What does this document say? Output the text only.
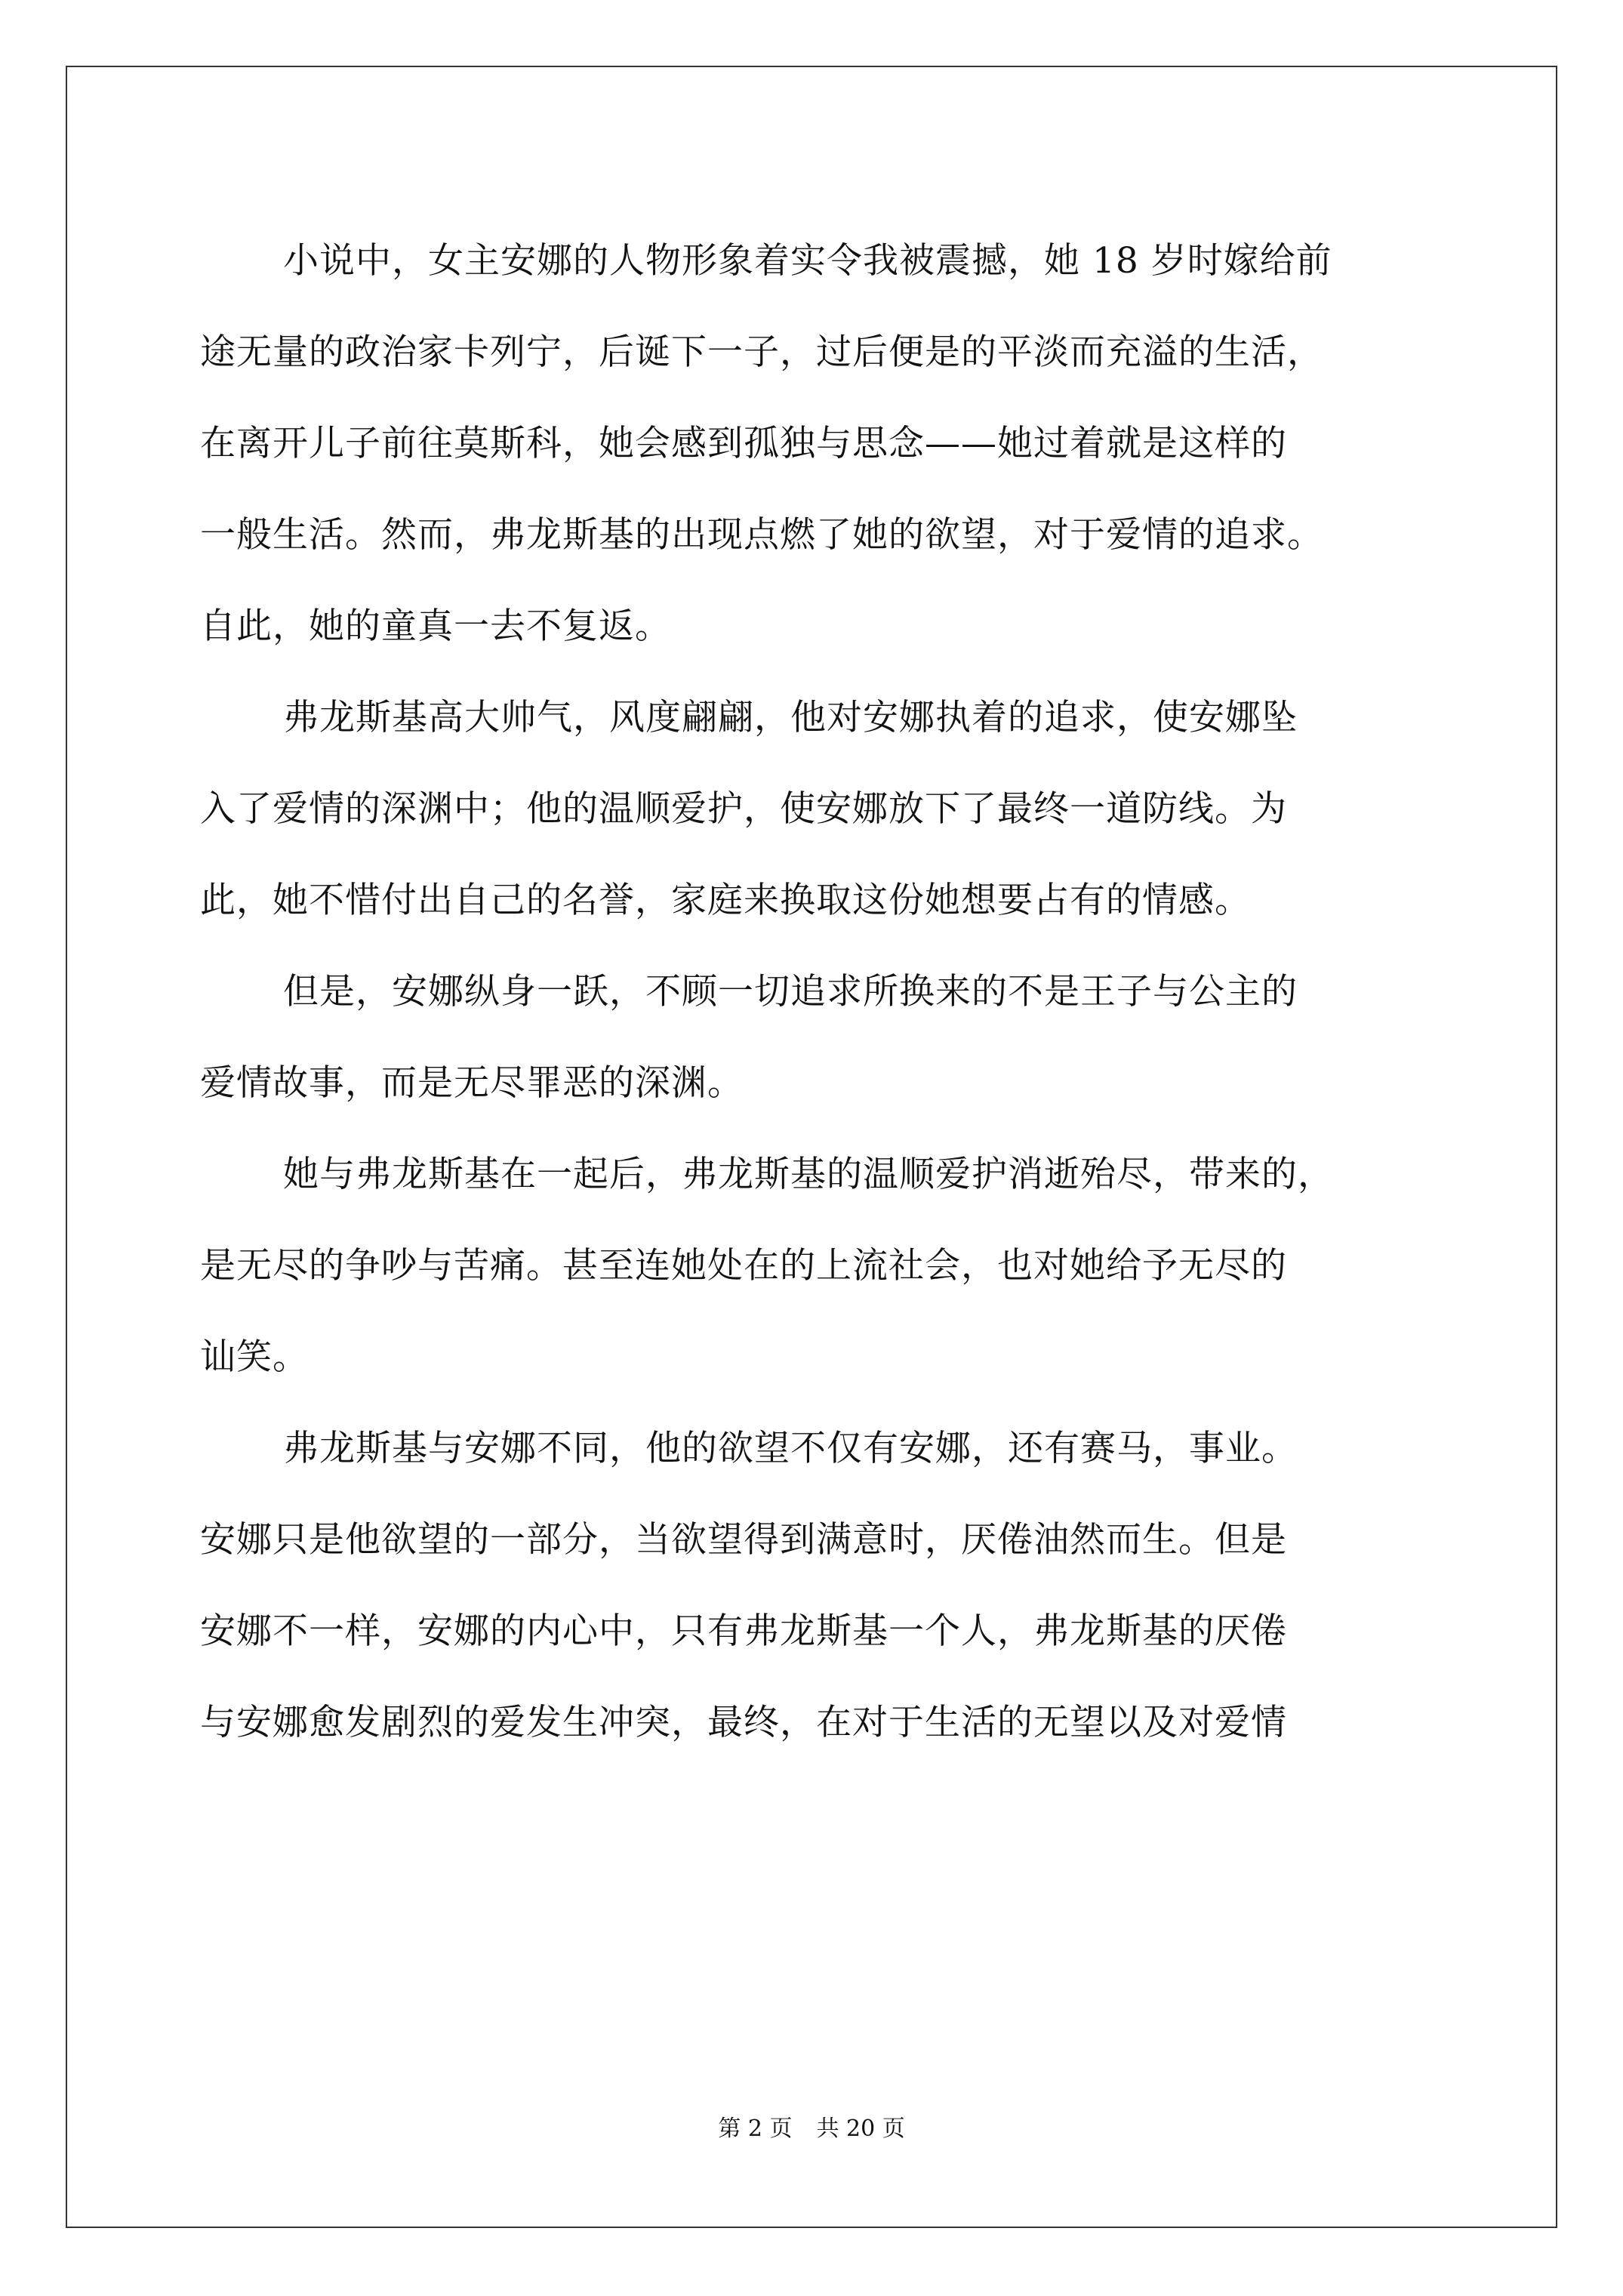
小说中，女主安娜的人物形象着实令我被震撼，她 18 岁时嫁给前
途无量的政治家卡列宁，后诞下一子，过后便是的平淡而充溢的生活，
在离开儿子前往莫斯科，她会感到孤独与思念——她过着就是这样的
一般生活。然而，弗龙斯基的出现点燃了她的欲望，对于爱情的追求。
自此，她的童真一去不复返。
弗龙斯基高大帅气，风度翩翩，他对安娜执着的追求，使安娜坠
入了爱情的深渊中；他的温顺爱护，使安娜放下了最终一道防线。为
此，她不惜付出自己的名誉，家庭来换取这份她想要占有的情感。
但是，安娜纵身一跃，不顾一切追求所换来的不是王子与公主的
爱情故事，而是无尽罪恶的深渊。
她与弗龙斯基在一起后，弗龙斯基的温顺爱护消逝殆尽，带来的，
是无尽的争吵与苦痛。甚至连她处在的上流社会，也对她给予无尽的
讪笑。
弗龙斯基与安娜不同，他的欲望不仅有安娜，还有赛马，事业。
安娜只是他欲望的一部分，当欲望得到满意时，厌倦油然而生。但是
安娜不一样，安娜的内心中，只有弗龙斯基一个人，弗龙斯基的厌倦
与安娜愈发剧烈的爱发生冲突，最终，在对于生活的无望以及对爱情
第 2 页 共 20 页
